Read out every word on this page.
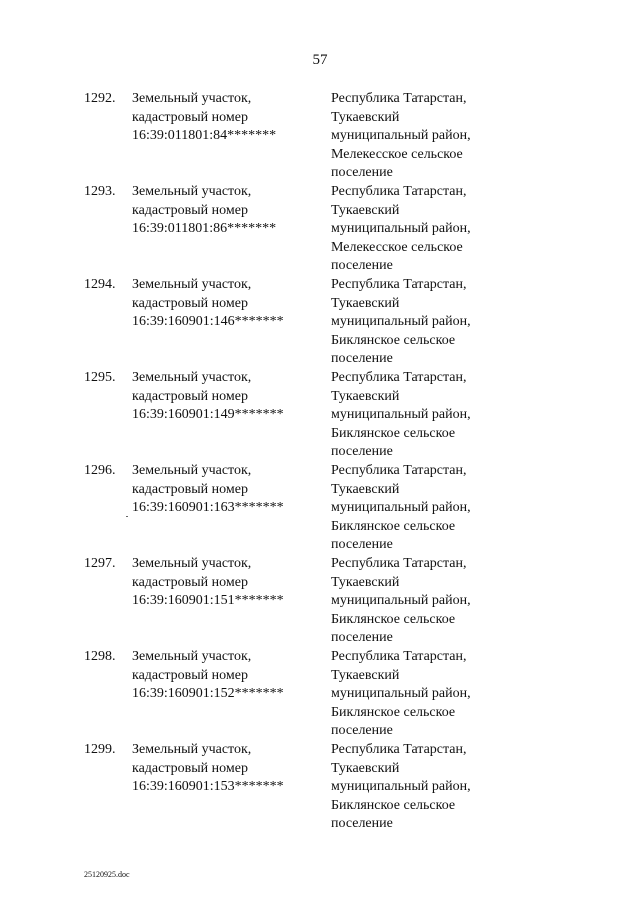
57
1292. Земельный участок,
кадастровый номер
16:39:011801:84*******
Республика Татарстан,
Тукаевский
муниципальный район,
Мелекесское сельское
поселение
1293. Земельный участок,
кадастровый номер
16:39:011801:86*******
Республика Татарстан,
Тукаевский
муниципальный район,
Мелекесское сельское
поселение
1294. Земельный участок,
кадастровый номер
16:39:160901:146*******
Республика Татарстан,
Тукаевский
муниципальный район,
Биклянское сельское
поселение
1295. Земельный участок,
кадастровый номер
16:39:160901:149*******
Республика Татарстан,
Тукаевский
муниципальный район,
Биклянское сельское
поселение
1296. Земельный участок,
кадастровый номер
16:39:160901:163*******
Республика Татарстан,
Тукаевский
муниципальный район,
Биклянское сельское
поселение
1297. Земельный участок,
кадастровый номер
16:39:160901:151*******
Республика Татарстан,
Тукаевский
муниципальный район,
Биклянское сельское
поселение
1298. Земельный участок,
кадастровый номер
16:39:160901:152*******
Республика Татарстан,
Тукаевский
муниципальный район,
Биклянское сельское
поселение
1299. Земельный участок,
кадастровый номер
16:39:160901:153*******
Республика Татарстан,
Тукаевский
муниципальный район,
Биклянское сельское
поселение
25120925.doc
